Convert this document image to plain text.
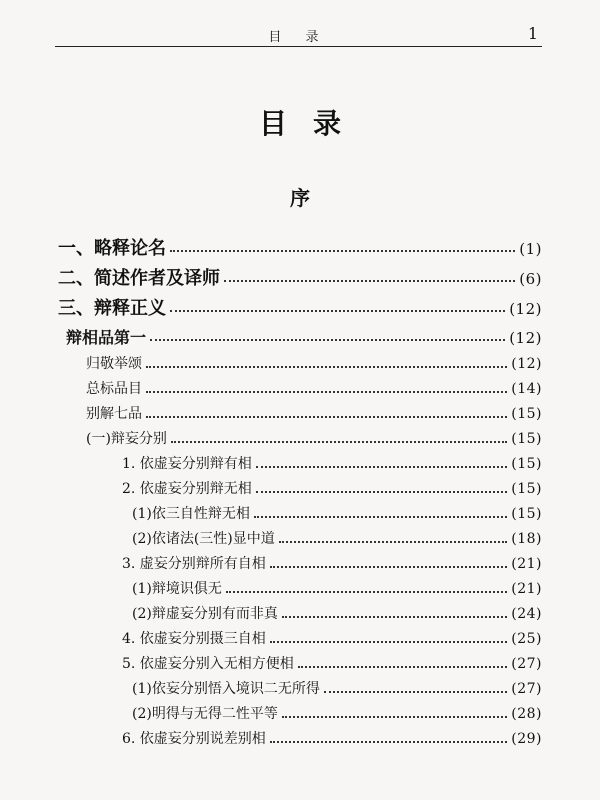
目 录	1
目录
序
一、略释论名	(1)
二、简述作者及译师	(6)
三、辩释正义	(12)
辩相品第一	(12)
归敬举颂	(12)
总标品目	(14)
别解七品	(15)
(一)辩妄分别	(15)
1. 依虚妄分别辩有相	(15)
2. 依虚妄分别辩无相	(15)
(1)依三自性辩无相	(15)
(2)依诸法(三性)显中道	(18)
3. 虚妄分别辩所有自相	(21)
(1)辩境识俱无	(21)
(2)辩虚妄分别有而非真	(24)
4. 依虚妄分别摄三自相	(25)
5. 依虚妄分别入无相方便相	(27)
(1)依妄分别悟入境识二无所得	(27)
(2)明得与无得二性平等	(28)
6. 依虚妄分别说差别相	(29)
